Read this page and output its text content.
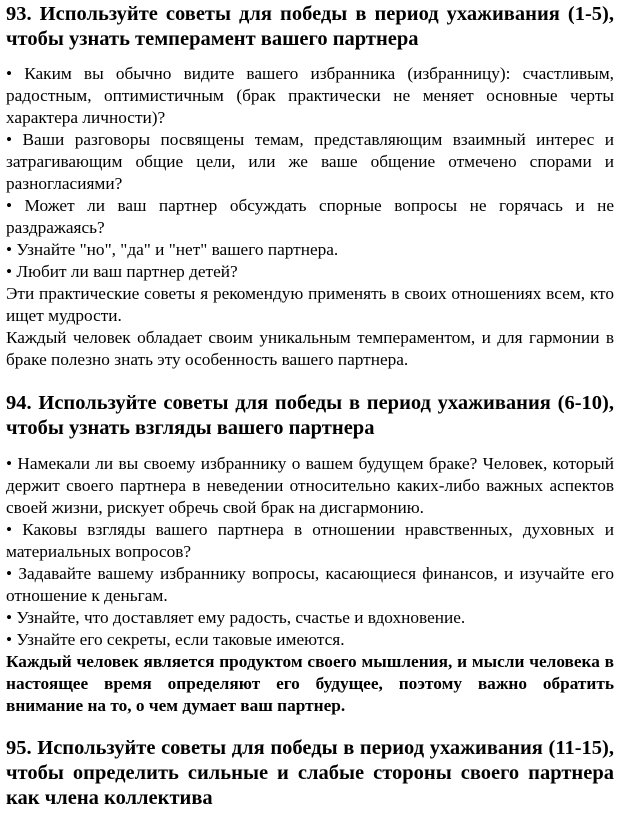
93. Используйте советы для победы в период ухаживания (1-5), чтобы узнать темперамент вашего партнера

• Каким вы обычно видите вашего избранника (избранницу): счастливым, радостным, оптимистичным (брак практически не меняет основные черты характера личности)?

• Ваши разговоры посвящены темам, представляющим взаимный интерес и затрагивающим общие цели, или же ваше общение отмечено спорами и разногласиями?

• Может ли ваш партнер обсуждать спорные вопросы не горячась и не раздражаясь?

• Узнайте "но", "да" и "нет" вашего партнера.

• Любит ли ваш партнер детей?

Эти практические советы я рекомендую применять в своих отношениях всем, кто ищет мудрости.

Каждый человек обладает своим уникальным темпераментом, и для гармонии в браке полезно знать эту особенность вашего партнера.

94. Используйте советы для победы в период ухаживания (6-10), чтобы узнать взгляды вашего партнера

• Намекали ли вы своему избраннику о вашем будущем браке? Человек, который держит своего партнера в неведении относительно каких-либо важных аспектов своей жизни, рискует обречь свой брак на дисгармонию.

• Каковы взгляды вашего партнера в отношении нравственных, духовных и материальных вопросов?

• Задавайте вашему избраннику вопросы, касающиеся финансов, и изучайте его отношение к деньгам.

• Узнайте, что доставляет ему радость, счастье и вдохновение.

• Узнайте его секреты, если таковые имеются.

Каждый человек является продуктом своего мышления, и мысли человека в настоящее время определяют его будущее, поэтому важно обратить внимание на то, о чем думает ваш партнер.

95. Используйте советы для победы в период ухаживания (11-15), чтобы определить сильные и слабые стороны своего партнера как члена коллектива
